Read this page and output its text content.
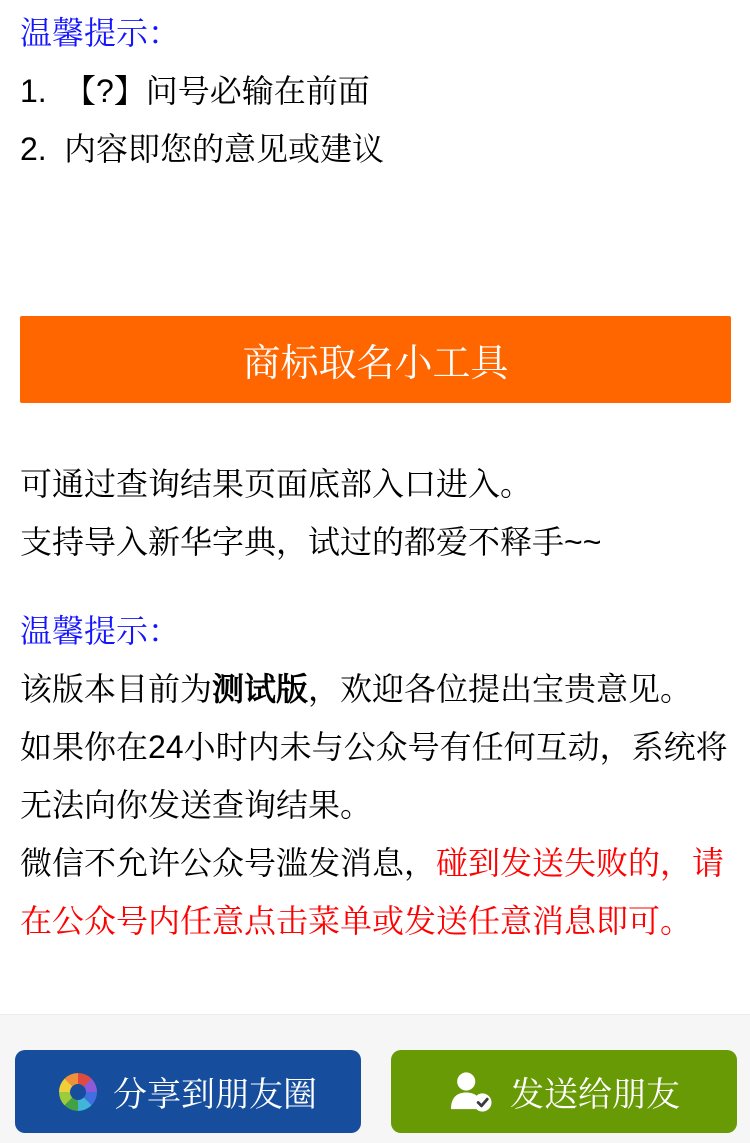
温馨提示：
1. 【?】问号必输在前面
2. 内容即您的意见或建议
商标取名小工具
可通过查询结果页面底部入口进入。
支持导入新华字典，试过的都爱不释手~~
温馨提示：
该版本目前为测试版，欢迎各位提出宝贵意见。
如果你在24小时内未与公众号有任何互动，系统将无法向你发送查询结果。
微信不允许公众号滥发消息，碰到发送失败的，请在公众号内任意点击菜单或发送任意消息即可。
分享到朋友圈	发送给朋友
